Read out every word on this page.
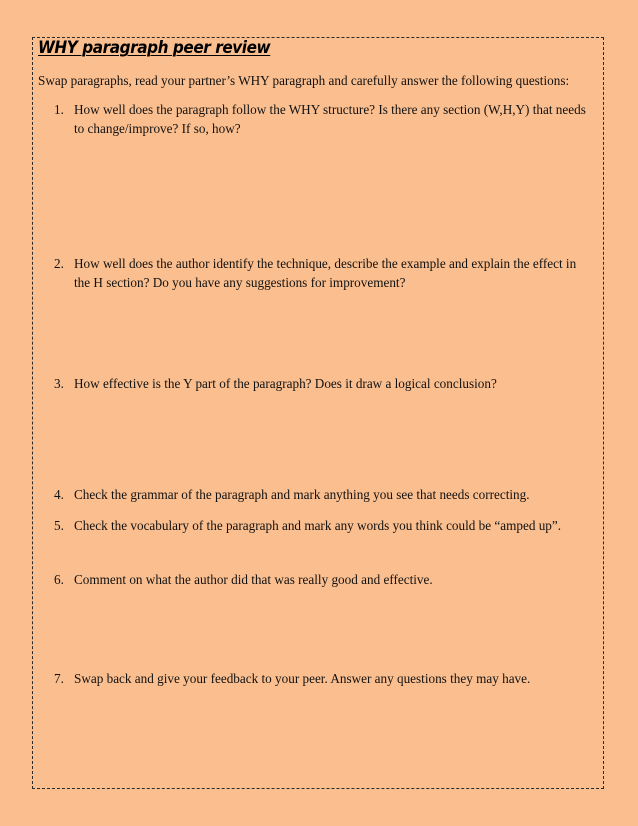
WHY paragraph peer review

Swap paragraphs, read your partner’s WHY paragraph and carefully answer the following questions:

1. How well does the paragraph follow the WHY structure? Is there any section (W,H,Y) that needs to change/improve? If so, how?
2. How well does the author identify the technique, describe the example and explain the effect in the H section? Do you have any suggestions for improvement?
3. How effective is the Y part of the paragraph? Does it draw a logical conclusion?
4. Check the grammar of the paragraph and mark anything you see that needs correcting.
5. Check the vocabulary of the paragraph and mark any words you think could be “amped up”.
6. Comment on what the author did that was really good and effective.
7. Swap back and give your feedback to your peer. Answer any questions they may have.
